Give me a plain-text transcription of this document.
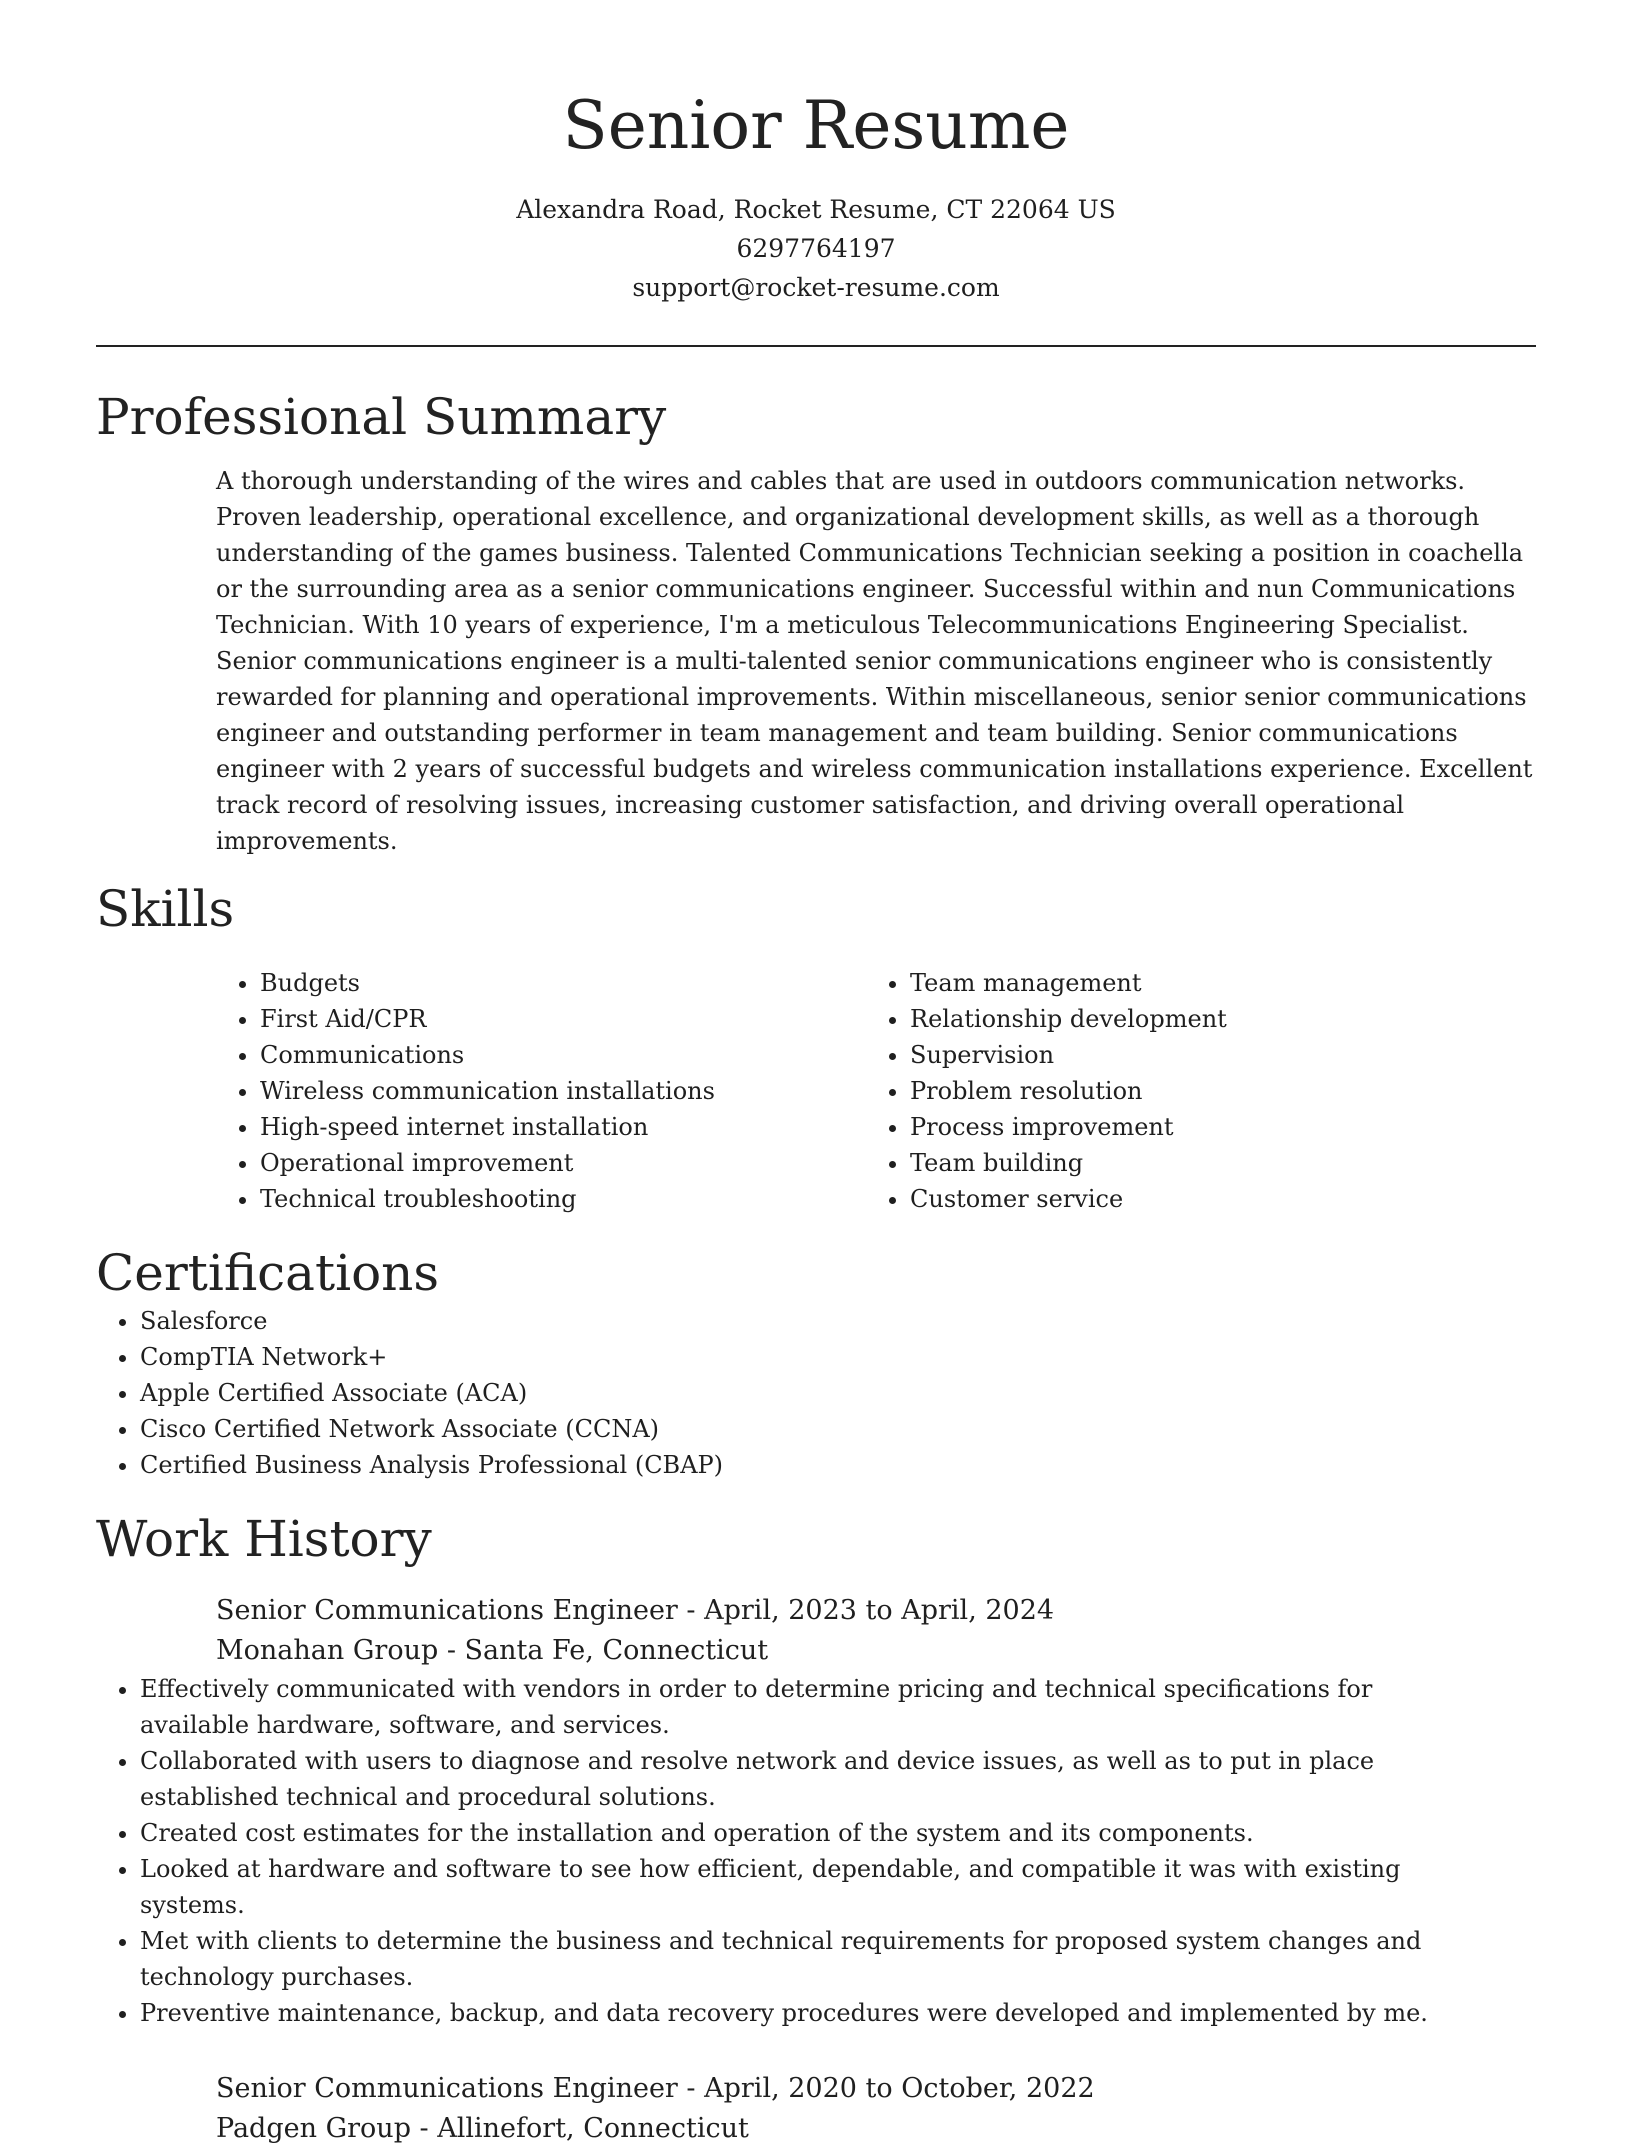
Senior Resume

Alexandra Road, Rocket Resume, CT 22064 US

6297764197

support@rocket-resume.com

Professional Summary

A thorough understanding of the wires and cables that are used in outdoors communication networks. Proven leadership, operational excellence, and organizational development skills, as well as a thorough understanding of the games business. Talented Communications Technician seeking a position in coachella or the surrounding area as a senior communications engineer. Successful within and nun Communications Technician. With 10 years of experience, I'm a meticulous Telecommunications Engineering Specialist. Senior communications engineer is a multi-talented senior communications engineer who is consistently rewarded for planning and operational improvements. Within miscellaneous, senior senior communications engineer and outstanding performer in team management and team building. Senior communications engineer with 2 years of successful budgets and wireless communication installations experience. Excellent track record of resolving issues, increasing customer satisfaction, and driving overall operational improvements.

Skills
• Budgets
• First Aid/CPR
• Communications
• Wireless communication installations
• High-speed internet installation
• Operational improvement
• Technical troubleshooting
• Team management
• Relationship development
• Supervision
• Problem resolution
• Process improvement
• Team building
• Customer service
Certifications
• Salesforce
• CompTIA Network+
• Apple Certified Associate (ACA)
• Cisco Certified Network Associate (CCNA)
• Certified Business Analysis Professional (CBAP)
Work History

Senior Communications Engineer - April, 2023 to April, 2024

Monahan Group - Santa Fe, Connecticut

• Effectively communicated with vendors in order to determine pricing and technical specifications for available hardware, software, and services.
• Collaborated with users to diagnose and resolve network and device issues, as well as to put in place established technical and procedural solutions.
• Created cost estimates for the installation and operation of the system and its components.
• Looked at hardware and software to see how efficient, dependable, and compatible it was with existing systems.
• Met with clients to determine the business and technical requirements for proposed system changes and technology purchases.
• Preventive maintenance, backup, and data recovery procedures were developed and implemented by me.

Senior Communications Engineer - April, 2020 to October, 2022

Padgen Group - Allinefort, Connecticut
